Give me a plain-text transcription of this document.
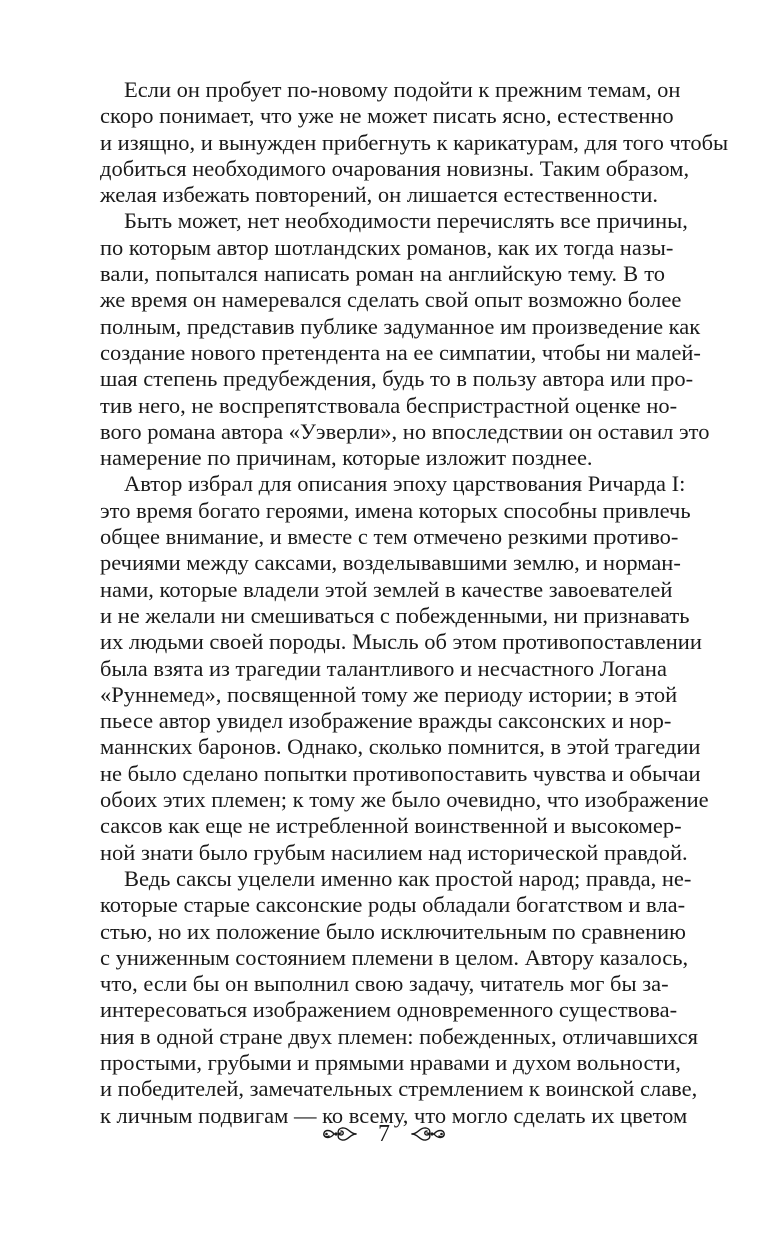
Если он пробует по-новому подойти к прежним темам, он
скоро понимает, что уже не может писать ясно, естественно
и изящно, и вынужден прибегнуть к карикатурам, для того чтобы
добиться необходимого очарования новизны. Таким образом,
желая избежать повторений, он лишается естественности.
Быть может, нет необходимости перечислять все причины,
по которым автор шотландских романов, как их тогда назы-
вали, попытался написать роман на английскую тему. В то
же время он намеревался сделать свой опыт возможно более
полным, представив публике задуманное им произведение как
создание нового претендента на ее симпатии, чтобы ни малей-
шая степень предубеждения, будь то в пользу автора или про-
тив него, не воспрепятствовала беспристрастной оценке но-
вого романа автора «Уэверли», но впоследствии он оставил это
намерение по причинам, которые изложит позднее.
Автор избрал для описания эпоху царствования Ричарда I:
это время богато героями, имена которых способны привлечь
общее внимание, и вместе с тем отмечено резкими противо-
речиями между саксами, возделывавшими землю, и норман-
нами, которые владели этой землей в качестве завоевателей
и не желали ни смешиваться с побежденными, ни признавать
их людьми своей породы. Мысль об этом противопоставлении
была взята из трагедии талантливого и несчастного Логана
«Руннемед», посвященной тому же периоду истории; в этой
пьесе автор увидел изображение вражды саксонских и нор-
маннских баронов. Однако, сколько помнится, в этой трагедии
не было сделано попытки противопоставить чувства и обычаи
обоих этих племен; к тому же было очевидно, что изображение
саксов как еще не истребленной воинственной и высокомер-
ной знати было грубым насилием над исторической правдой.
Ведь саксы уцелели именно как простой народ; правда, не-
которые старые саксонские роды обладали богатством и вла-
стью, но их положение было исключительным по сравнению
с униженным состоянием племени в целом. Автору казалось,
что, если бы он выполнил свою задачу, читатель мог бы за-
интересоваться изображением одновременного существова-
ния в одной стране двух племен: побежденных, отличавшихся
простыми, грубыми и прямыми нравами и духом вольности,
и победителей, замечательных стремлением к воинской славе,
к личным подвигам — ко всему, что могло сделать их цветом
7
